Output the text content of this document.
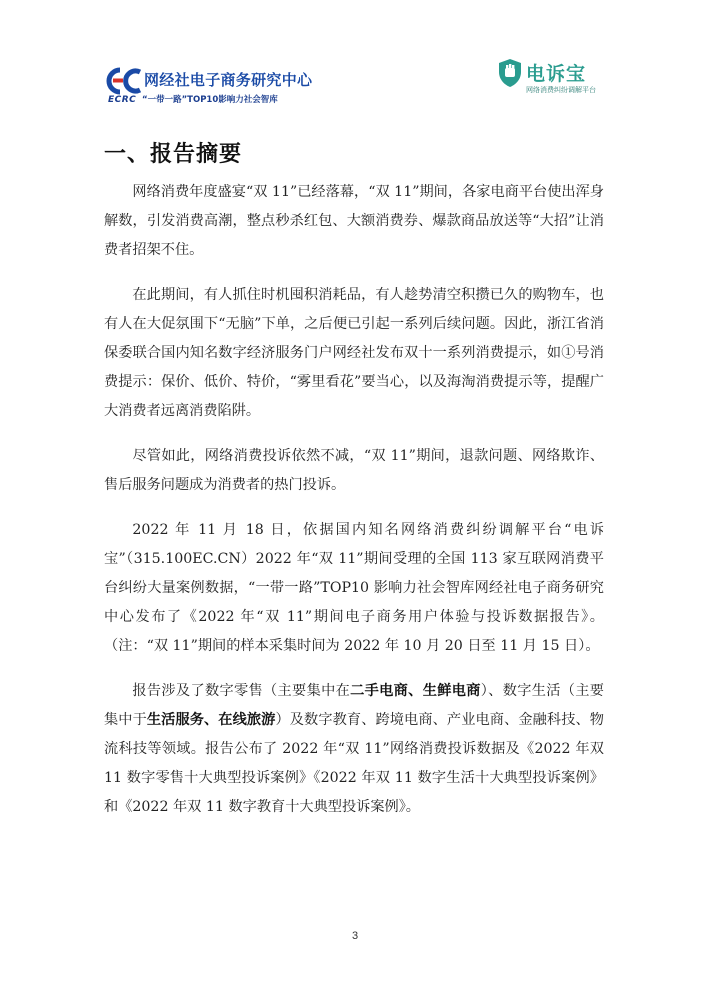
ECRC
网经社电子商务研究中心
“一带一路”TOP10影响力社会智库
电诉宝
网络消费纠纷调解平台
一、报告摘要

网络消费年度盛宴“双 11”已经落幕，“双 11”期间，各家电商平台使出浑身解数，引发消费高潮，整点秒杀红包、大额消费券、爆款商品放送等“大招”让消费者招架不住。

在此期间，有人抓住时机囤积消耗品，有人趁势清空积攒已久的购物车，也有人在大促氛围下“无脑”下单，之后便已引起一系列后续问题。因此，浙江省消保委联合国内知名数字经济服务门户网经社发布双十一系列消费提示，如①号消费提示：保价、低价、特价，“雾里看花”要当心，以及海淘消费提示等，提醒广大消费者远离消费陷阱。

尽管如此，网络消费投诉依然不减，“双 11”期间，退款问题、网络欺诈、售后服务问题成为消费者的热门投诉。

2022 年 11 月 18 日，依据国内知名网络消费纠纷调解平台“电诉宝”（315.100EC.CN）2022 年“双 11”期间受理的全国 113 家互联网消费平台纠纷大量案例数据，“一带一路”TOP10 影响力社会智库网经社电子商务研究中心发布了《2022 年“双 11”期间电子商务用户体验与投诉数据报告》。（注：“双 11”期间的样本采集时间为 2022 年 10 月 20 日至 11 月 15 日）。

报告涉及了数字零售（主要集中在二手电商、生鲜电商）、数字生活（主要集中于生活服务、在线旅游）及数字教育、跨境电商、产业电商、金融科技、物流科技等领域。报告公布了 2022 年“双 11”网络消费投诉数据及《2022 年双 11 数字零售十大典型投诉案例》《2022 年双 11 数字生活十大典型投诉案例》和《2022 年双 11 数字教育十大典型投诉案例》。

3
